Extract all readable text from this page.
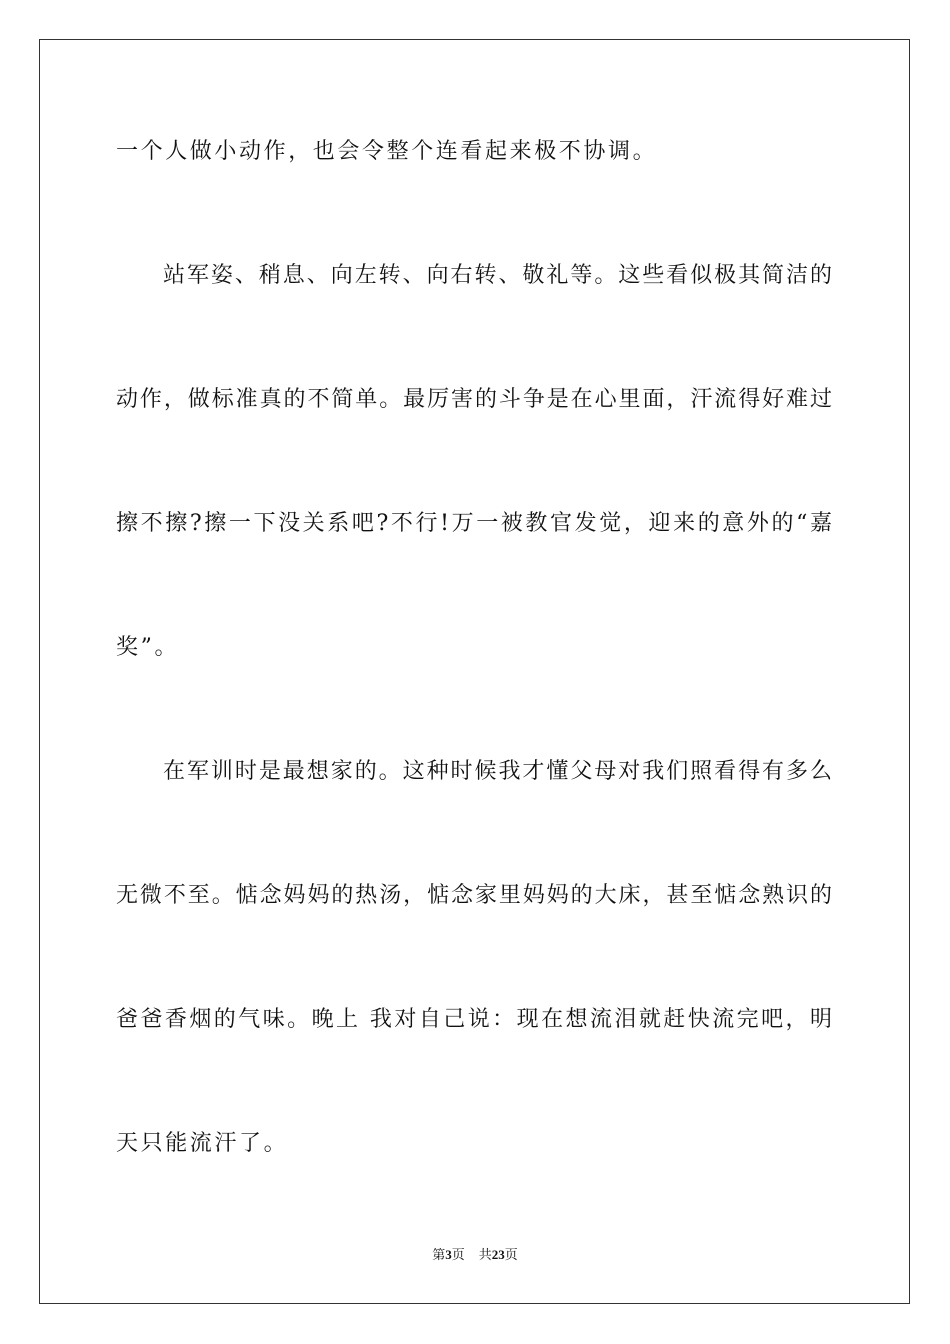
一个人做小动作，也会令整个连看起来极不协调。
站军姿、稍息、向左转、向右转、敬礼等。这些看似极其简洁的
动作，做标准真的不简单。最厉害的斗争是在心里面，汗流得好难过
擦不擦?擦一下没关系吧?不行!万一被教官发觉，迎来的意外的“嘉
奖”。
在军训时是最想家的。这种时候我才懂父母对我们照看得有多么
无微不至。惦念妈妈的热汤，惦念家里妈妈的大床，甚至惦念熟识的
爸爸香烟的气味。晚上 我对自己说：现在想流泪就赶快流完吧，明
天只能流汗了。
第3页 共23页
